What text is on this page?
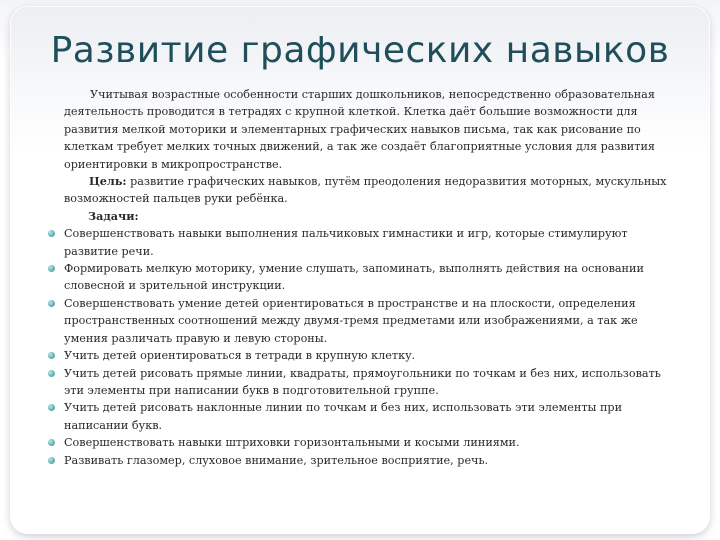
Развитие графических навыков

Учитывая возрастные особенности старших дошкольников, непосредственно образовательная деятельность проводится в тетрадях с крупной клеткой. Клетка даёт большие возможности для развития мелкой моторики и элементарных графических навыков письма, так как рисование по клеткам требует мелких точных движений, а так же создаёт благоприятные условия для развития ориентировки в микропространстве.

Цель: развитие графических навыков, путём преодоления недоразвития моторных, мускульных возможностей пальцев руки ребёнка.

Задачи:

Совершенствовать навыки выполнения пальчиковых гимнастики и игр, которые стимулируют развитие речи.
Формировать мелкую моторику, умение слушать, запоминать, выполнять действия на основании словесной и зрительной инструкции.
Совершенствовать умение детей ориентироваться в пространстве и на плоскости, определения пространственных соотношений между двумя-тремя предметами или изображениями, а так же умения различать правую и левую стороны.
Учить детей ориентироваться в тетради в крупную клетку.
Учить детей рисовать прямые линии, квадраты, прямоугольники по точкам и без них, использовать эти элементы при написании букв в подготовительной группе.
Учить детей рисовать наклонные линии по точкам и без них, использовать эти элементы при написании букв.
Совершенствовать навыки штриховки горизонтальными и косыми линиями.
Развивать глазомер, слуховое внимание, зрительное восприятие, речь.
